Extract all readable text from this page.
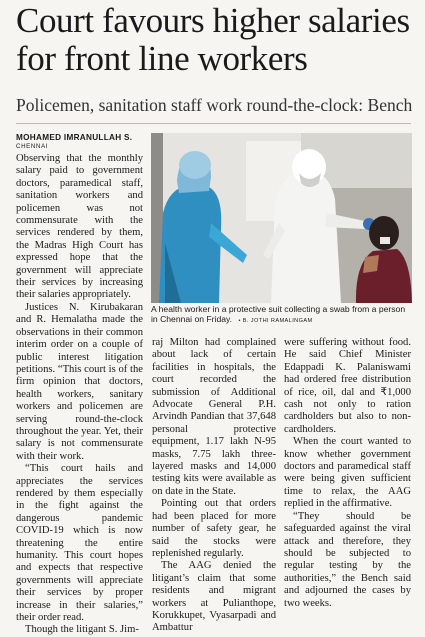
Court favours higher salaries
for front line workers
Policemen, sanitation staff work round-the-clock: Bench
MOHAMED IMRANULLAH S.
CHENNAI

Observing that the monthly salary paid to government doctors, paramedical staff, sanitation workers and policemen was not commensurate with the services rendered by them, the Madras High Court has expressed hope that the government will appreciate their services by increasing their salaries appropriately.

Justices N. Kirubakaran and R. Hemalatha made the observations in their common interim order on a couple of public interest litigation petitions. “This court is of the firm opinion that doctors, health workers, sanitary workers and policemen are serving round-the-clock throughout the year. Yet, their salary is not commensurate with their work.

“This court hails and appreciates the services rendered by them especially in the fight against the dangerous pandemic COVID-19 which is now threatening the entire humanity. This court hopes and expects that respective governments will appreciate their services by proper increase in their salaries,” their order read.

Though the litigant S. Jim-

A health worker in a protective suit collecting a swab from a person in Chennai on Friday. • B. JOTHI RAMALINGAM

raj Milton had complained about lack of certain facilities in hospitals, the court recorded the submission of Additional Advocate General P.H. Arvindh Pandian that 37,648 personal protective equipment, 1.17 lakh N-95 masks, 7.75 lakh three-layered masks and 14,000 testing kits were available as on date in the State.

Pointing out that orders had been placed for more number of safety gear, he said the stocks were replenished regularly.

The AAG denied the litigant’s claim that some residents and migrant workers at Pulianthope, Korukkupet, Vyasarpadi and Ambattur

were suffering without food. He said Chief Minister Edappadi K. Palaniswami had ordered free distribution of rice, oil, dal and ₹1,000 cash not only to ration cardholders but also to non-cardholders.

When the court wanted to know whether government doctors and paramedical staff were being given sufficient time to relax, the AAG replied in the affirmative.

“They should be safeguarded against the viral attack and therefore, they should be subjected to regular testing by the authorities,” the Bench said and adjourned the cases by two weeks.
